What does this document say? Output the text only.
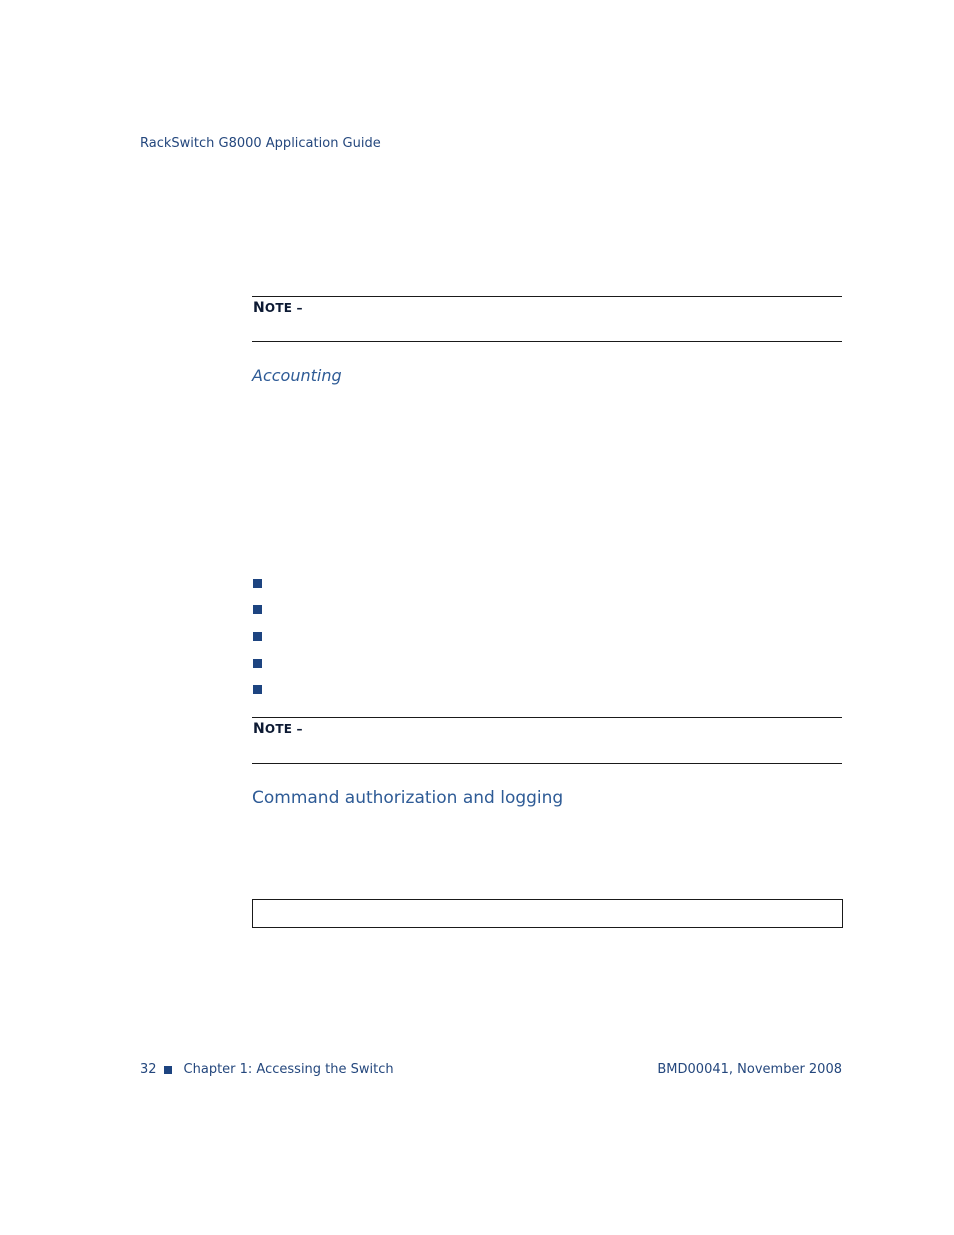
RackSwitch G8000 Application Guide
NOTE –
Accounting
NOTE –
Command authorization and logging
32 Chapter 1: Accessing the Switch	BMD00041, November 2008
